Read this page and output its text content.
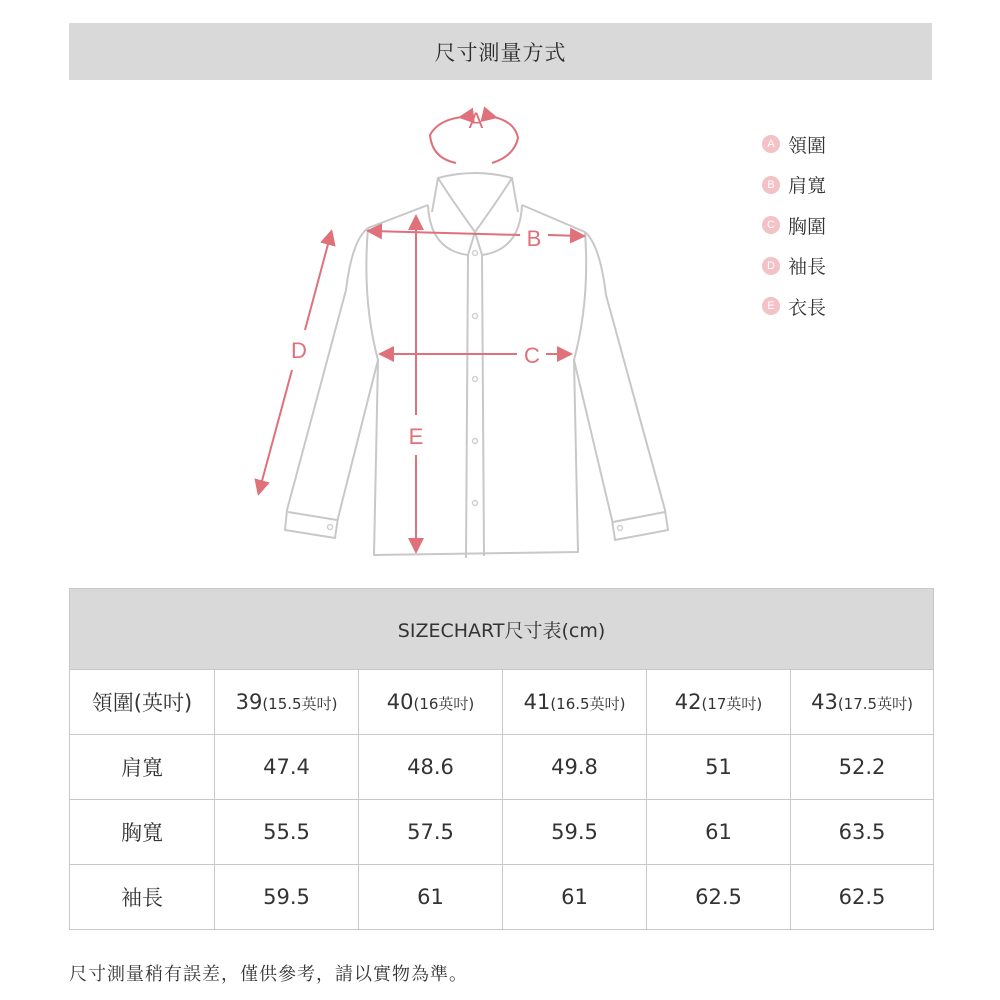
尺寸測量方式
A
B
C
D
E
A 領圍
B 肩寬
C 胸圍
D 袖長
E 衣長
SIZECHART尺寸表(cm)					
領圍(英吋)	39(15.5英吋)	40(16英吋)	41(16.5英吋)	42(17英吋)	43(17.5英吋)
肩寬	47.4	48.6	49.8	51	52.2
胸寬	55.5	57.5	59.5	61	63.5
袖長	59.5	61	61	62.5	62.5
尺寸測量稍有誤差，僅供參考，請以實物為準。
